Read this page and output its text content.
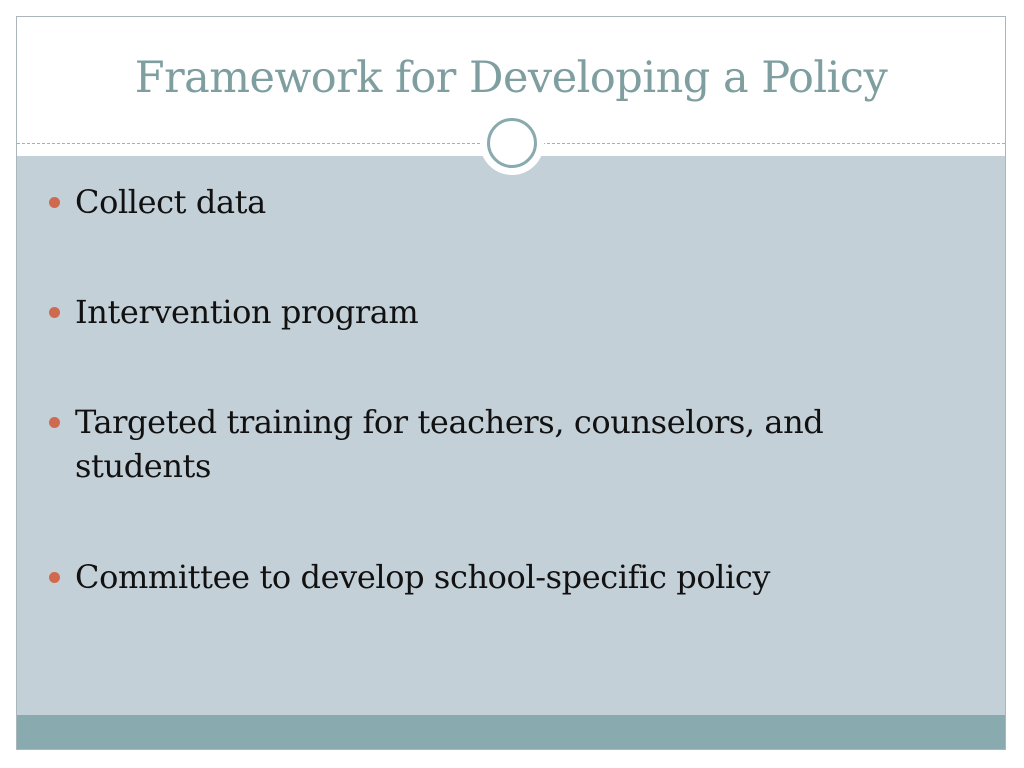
Framework for Developing a Policy
Collect data
Intervention program
Targeted training for teachers, counselors, and students
Committee to develop school-specific policy
